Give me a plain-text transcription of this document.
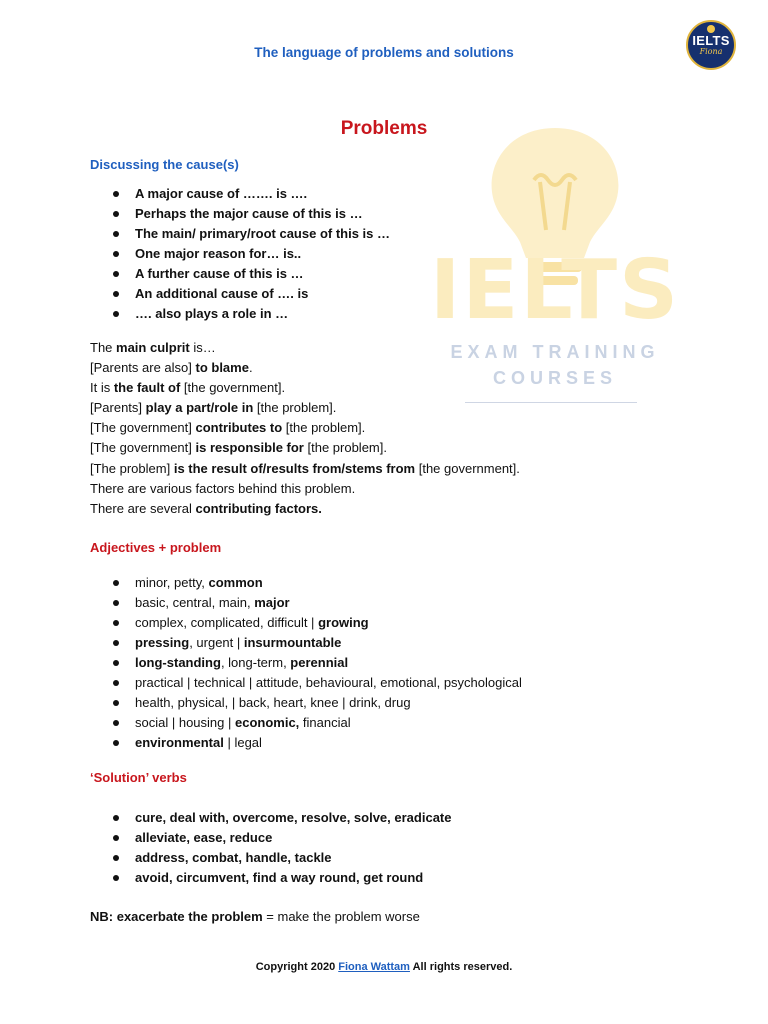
The language of problems and solutions
IELTS
Fiona
IELTS
EXAM TRAINING
COURSES
Problems
Discussing the cause(s)
A major cause of ……. is ….
Perhaps the major cause of this is …
The main/ primary/root cause of this is …
One major reason for… is..
A further cause of this is …
An additional cause of …. is
…. also plays a role in …
The main culprit is…
[Parents are also] to blame.
It is the fault of [the government].
[Parents] play a part/role in [the problem].
[The government] contributes to [the problem].
[The government] is responsible for [the problem].
[The problem] is the result of/results from/stems from [the government].
There are various factors behind this problem.
There are several contributing factors.
Adjectives + problem
minor, petty, common
basic, central, main, major
complex, complicated, difficult | growing
pressing, urgent | insurmountable
long-standing, long-term, perennial
practical | technical | attitude, behavioural, emotional, psychological
health, physical, | back, heart, knee | drink, drug
social | housing | economic, financial
environmental | legal
‘Solution’ verbs
cure, deal with, overcome, resolve, solve, eradicate
alleviate, ease, reduce
address, combat, handle, tackle
avoid, circumvent, find a way round, get round
NB: exacerbate the problem = make the problem worse
Copyright 2020 Fiona Wattam All rights reserved.
